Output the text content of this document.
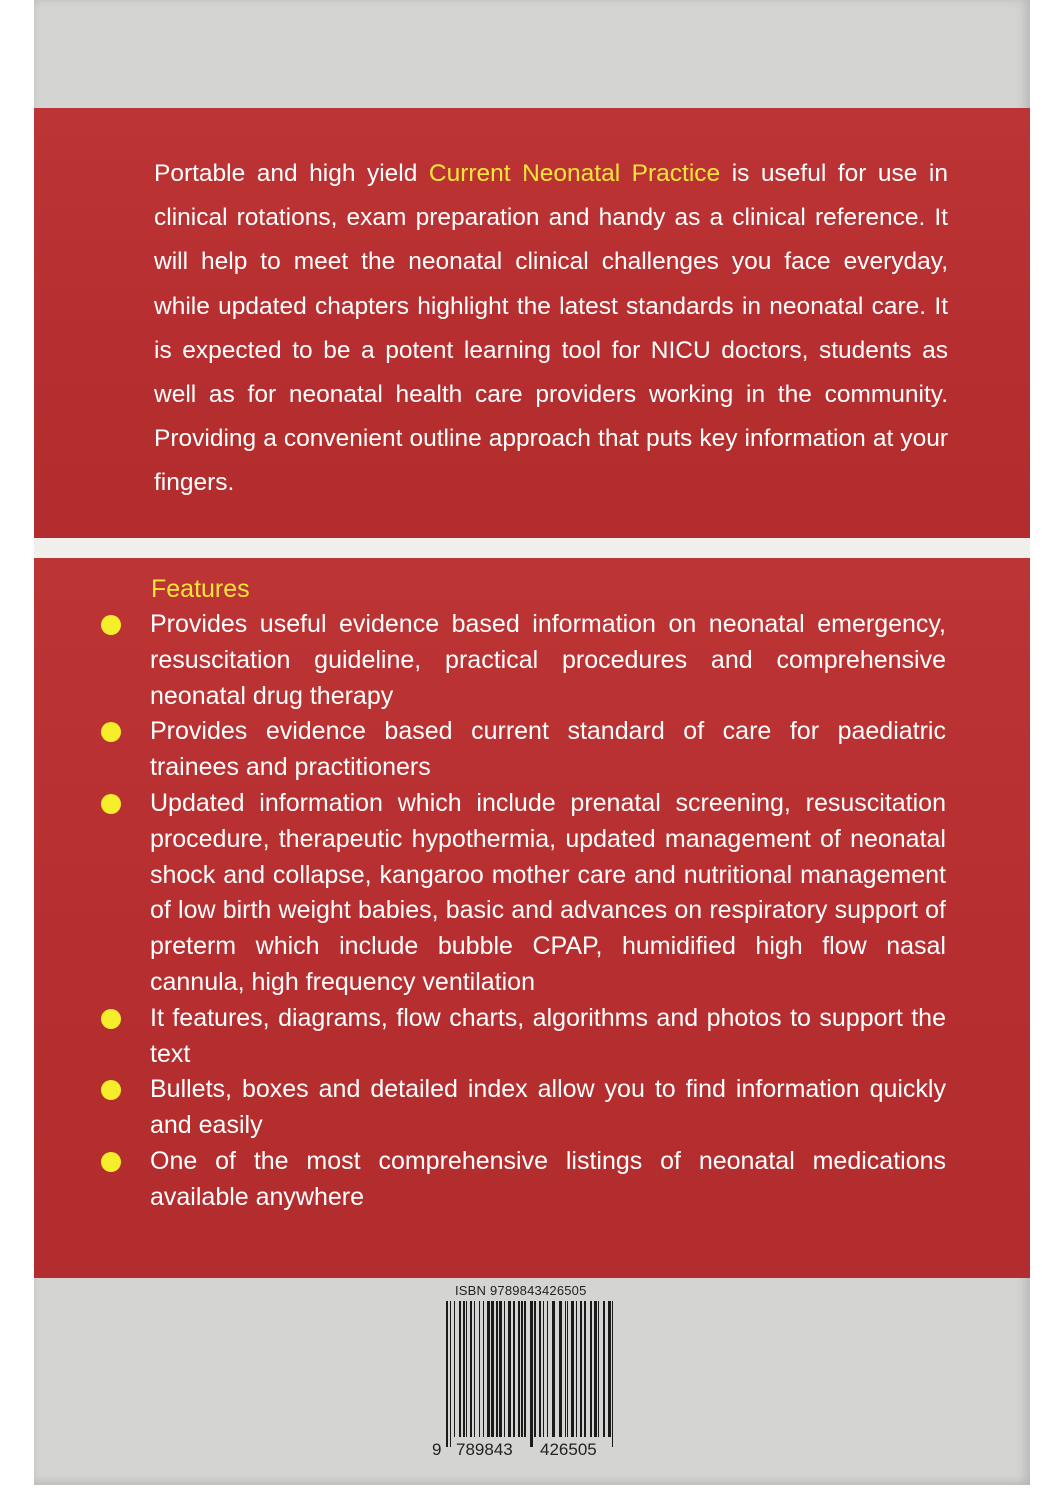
Portable and high yield Current Neonatal Practice is useful for use in clinical rotations, exam preparation and handy as a clinical reference. It will help to meet the neonatal clinical challenges you face everyday, while updated chapters highlight the latest standards in neonatal care. It is expected to be a potent learning tool for NICU doctors, students as well as for neonatal health care providers working in the community. Providing a convenient outline approach that puts key information at your fingers.

Features
Provides useful evidence based information on neonatal emergency, resuscitation guideline, practical procedures and comprehensive neonatal drug therapy
Provides evidence based current standard of care for paediatric trainees and practitioners
Updated information which include prenatal screening, resuscitation procedure, therapeutic hypothermia, updated management of neonatal shock and collapse, kangaroo mother care and nutritional management of low birth weight babies, basic and advances on respiratory support of preterm which include bubble CPAP, humidified high flow nasal cannula, high frequency ventilation
It features, diagrams, flow charts, algorithms and photos to support the text
Bullets, boxes and detailed index allow you to find information quickly and easily
One of the most comprehensive listings of neonatal medications available anywhere
ISBN 9789843426505
9 789843 426505
